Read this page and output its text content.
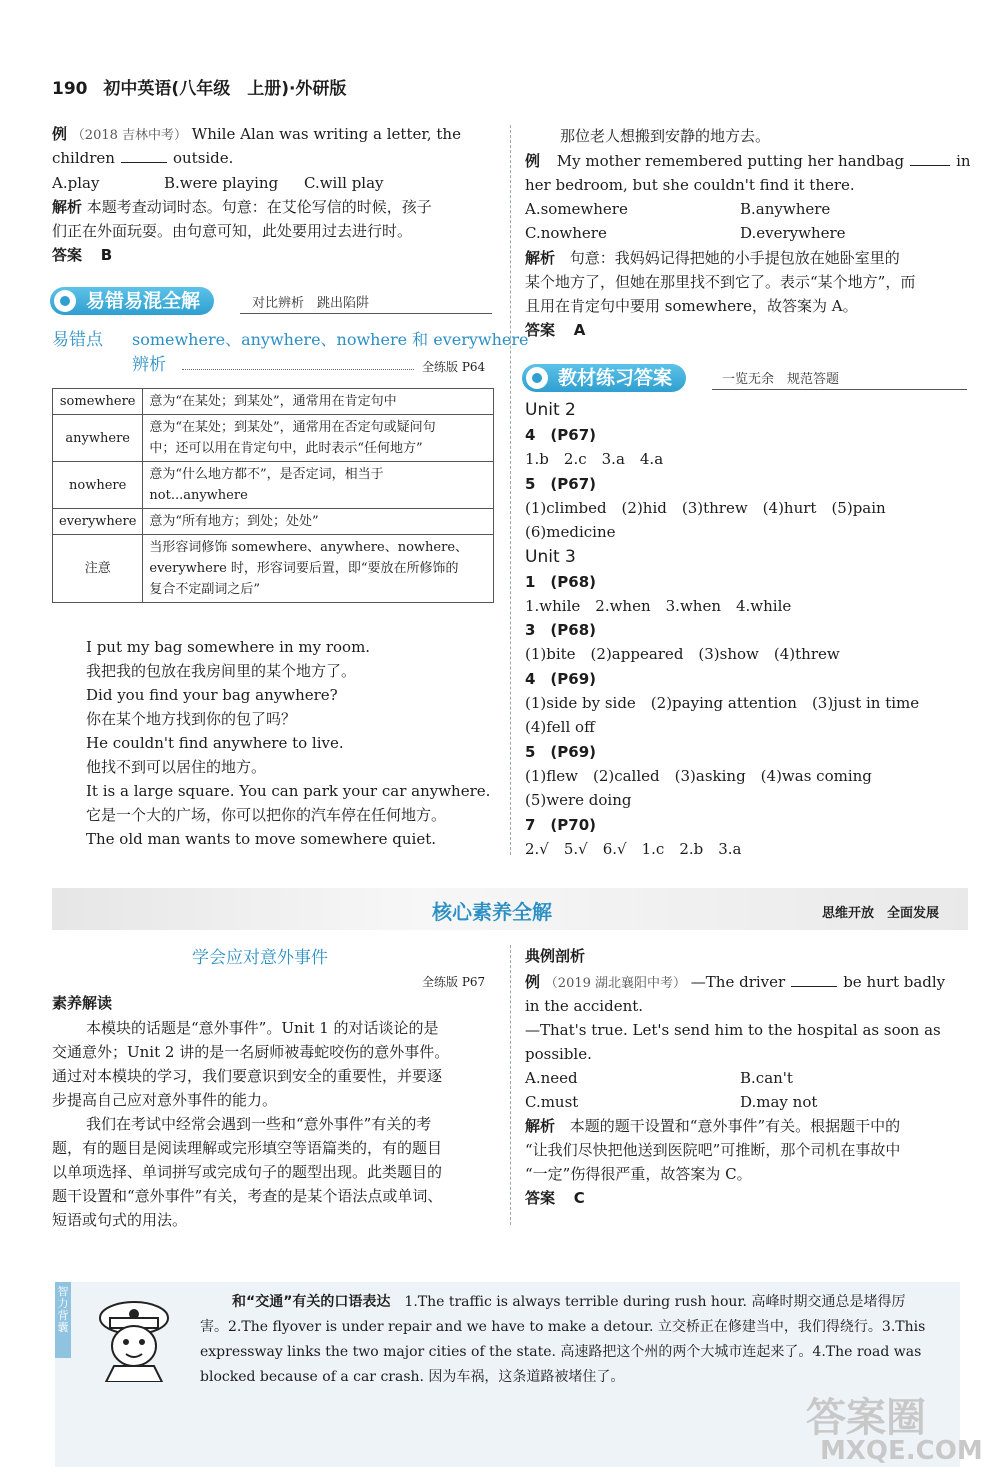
190 初中英语(八年级　上册)·外研版
例 （2018 吉林中考） While Alan was writing a letter, the
children	outside.
A.play	B.were playing C.will play
解析 本题考查动词时态。句意：在艾伦写信的时候，孩子
们正在外面玩耍。由句意可知，此处要用过去进行时。
答案 B
易错易混全解	对比辨析　跳出陷阱
易错点 somewhere、anywhere、nowhere 和 everywhere
辨析	全练版 P64
somewhere	意为“在某处；到某处”，通常用在肯定句中
anywhere	意为“在某处；到某处”，通常用在否定句或疑问句
中；还可以用在肯定句中，此时表示“任何地方”
nowhere	意为“什么地方都不”，是否定词，相当于
not...anywhere
everywhere	意为“所有地方；到处；处处”
注意	当形容词修饰 somewhere、anywhere、nowhere、
everywhere 时，形容词要后置，即“要放在所修饰的
复合不定副词之后”
I put my bag somewhere in my room.
我把我的包放在我房间里的某个地方了。
Did you find your bag anywhere?
你在某个地方找到你的包了吗？
He couldn't find anywhere to live.
他找不到可以居住的地方。
It is a large square. You can park your car anywhere.
它是一个大的广场，你可以把你的汽车停在任何地方。
The old man wants to move somewhere quiet.
那位老人想搬到安静的地方去。
例 My mother remembered putting her handbag	in
her bedroom, but she couldn't find it there.
A.somewhere	B.anywhere
C.nowhere	D.everywhere
解析 句意：我妈妈记得把她的小手提包放在她卧室里的
某个地方了，但她在那里找不到它了。表示“某个地方”，而
且用在肯定句中要用 somewhere，故答案为 A。
答案 A
教材练习答案	一览无余　规范答题
Unit 2
4　(P67)
1.b　2.c　3.a　4.a
5　(P67)
(1)climbed　(2)hid　(3)threw　(4)hurt　(5)pain
(6)medicine
Unit 3
1　(P68)
1.while　2.when　3.when　4.while
3　(P68)
(1)bite　(2)appeared　(3)show　(4)threw
4　(P69)
(1)side by side　(2)paying attention　(3)just in time
(4)fell off
5　(P69)
(1)flew　(2)called　(3)asking　(4)was coming
(5)were doing
7　(P70)
2.√　5.√　6.√　1.c　2.b　3.a
核心素养全解	思维开放　全面发展
学会应对意外事件
全练版 P67
素养解读
本模块的话题是“意外事件”。Unit 1 的对话谈论的是
交通意外；Unit 2 讲的是一名厨师被毒蛇咬伤的意外事件。
通过对本模块的学习，我们要意识到安全的重要性，并要逐
步提高自己应对意外事件的能力。
我们在考试中经常会遇到一些和“意外事件”有关的考
题，有的题目是阅读理解或完形填空等语篇类的，有的题目
以单项选择、单词拼写或完成句子的题型出现。此类题目的
题干设置和“意外事件”有关，考查的是某个语法点或单词、
短语或句式的用法。
典例剖析
例 （2019 湖北襄阳中考） —The driver	be hurt badly
in the accident.
—That's true. Let's send him to the hospital as soon as
possible.
A.need	B.can't
C.must	D.may not
解析 本题的题干设置和“意外事件”有关。根据题干中的
“让我们尽快把他送到医院吧”可推断，那个司机在事故中
“一定”伤得很严重，故答案为 C。
答案 C
智力背囊
和“交通”有关的口语表达 1.The traffic is always terrible during rush hour. 高峰时期交通总是堵得厉
害。2.The flyover is under repair and we have to make a detour. 立交桥正在修建当中，我们得绕行。3.This
expressway links the two major cities of the state. 高速路把这个州的两个大城市连起来了。4.The road was
blocked because of a car crash. 因为车祸，这条道路被堵住了。
答案圈
MXQE.COM
